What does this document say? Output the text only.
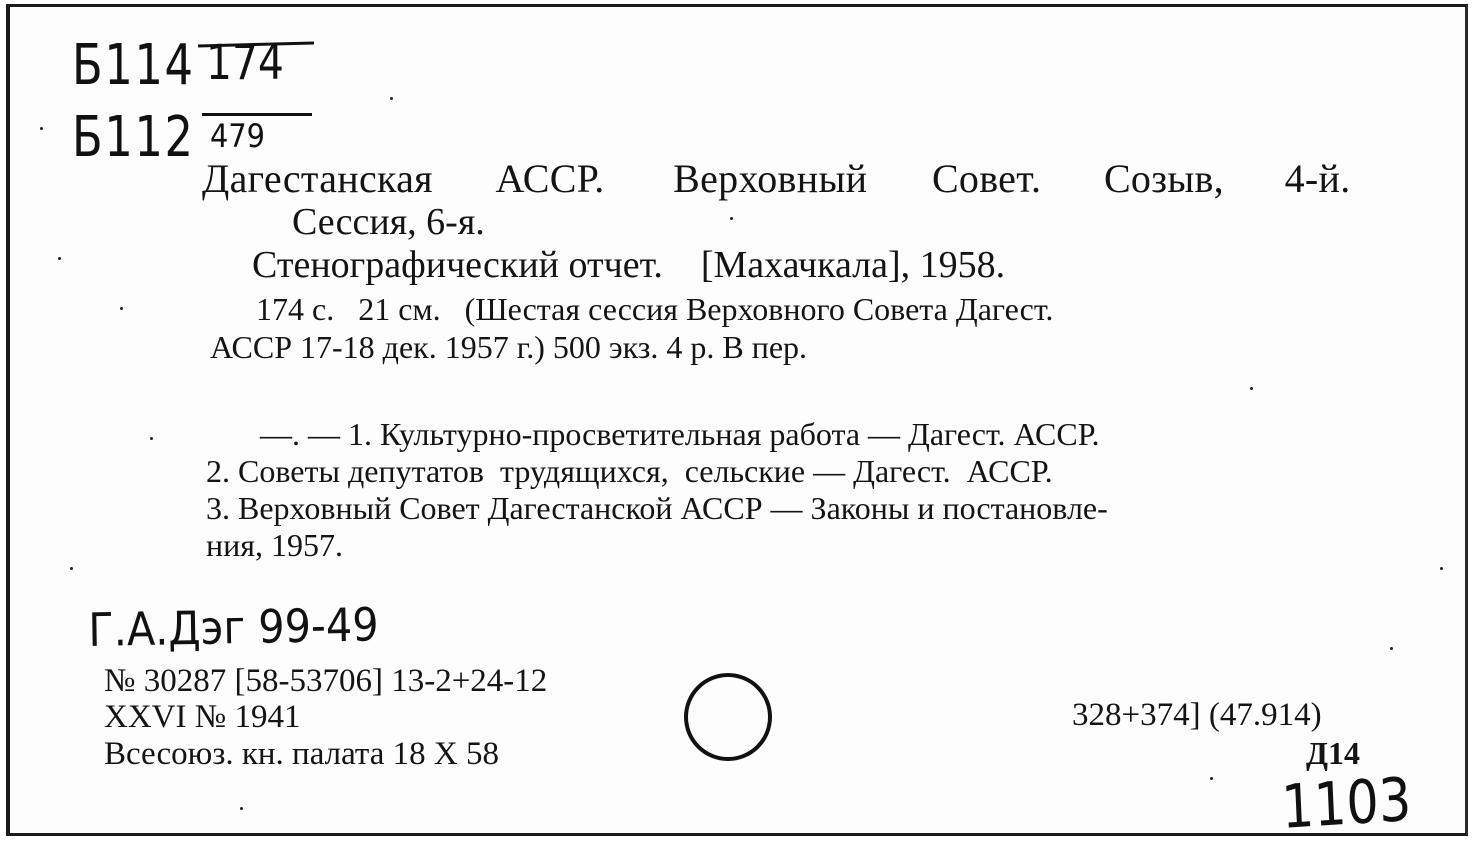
Б114 174
Б112 479
Дагестанская АССР. Верховный Совет. Созыв, 4-й.
Сессия, 6-я.
Стенографический отчет.    [Махачкала], 1958.
174 с.   21 см.   (Шестая сессия Верховного Совета Дагест.
АССР 17-18 дек. 1957 г.) 500 экз. 4 р. В пер.
—. — 1. Культурно-просветительная работа — Дагест. АССР.
2. Советы депутатов  трудящихся,  сельские — Дагест.  АССР.
3. Верховный Совет Дагестанской АССР — Законы и постановле-
ния, 1957.
Г.А.Дэг 99-49
№ 30287 [58-53706] 13-2+24-12
XXVI № 1941
Всесоюз. кн. палата 18 X 58
328+374] (47.914)
Д14
1103
